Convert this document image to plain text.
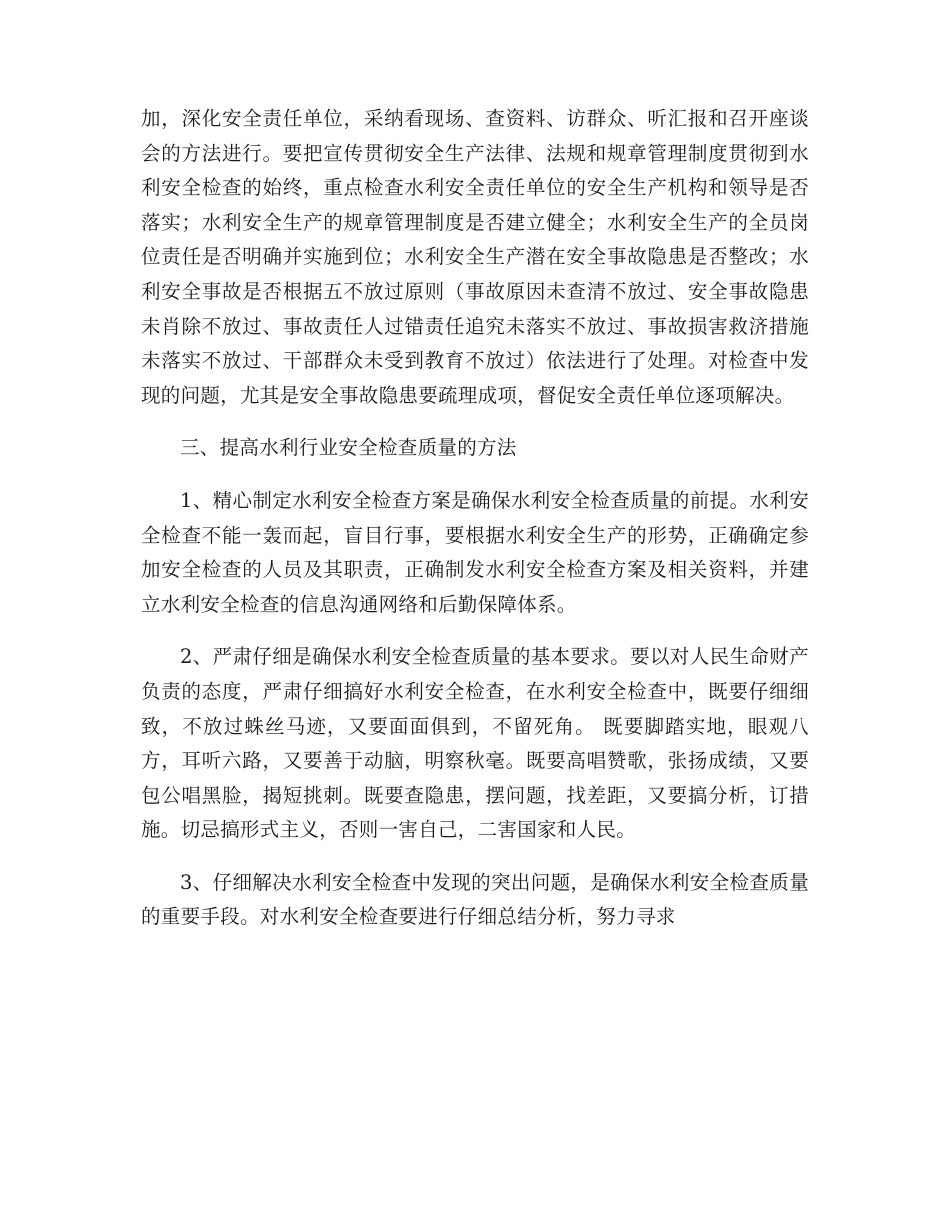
加，深化安全责任单位，采纳看现场、查资料、访群众、听汇报和召开座谈会的方法进行。要把宣传贯彻安全生产法律、法规和规章管理制度贯彻到水利安全检查的始终，重点检查水利安全责任单位的安全生产机构和领导是否落实；水利安全生产的规章管理制度是否建立健全；水利安全生产的全员岗位责任是否明确并实施到位；水利安全生产潜在安全事故隐患是否整改；水利安全事故是否根据五不放过原则（事故原因未查清不放过、安全事故隐患未肖除不放过、事故责任人过错责任追究未落实不放过、事故损害救济措施未落实不放过、干部群众未受到教育不放过）依法进行了处理。对检查中发现的问题，尤其是安全事故隐患要疏理成项，督促安全责任单位逐项解决。

三、提高水利行业安全检查质量的方法

1、精心制定水利安全检查方案是确保水利安全检查质量的前提。水利安全检查不能一轰而起，盲目行事，要根据水利安全生产的形势，正确确定参加安全检查的人员及其职责，正确制发水利安全检查方案及相关资料，并建立水利安全检查的信息沟通网络和后勤保障体系。

2、严肃仔细是确保水利安全检查质量的基本要求。要以对人民生命财产负责的态度，严肃仔细搞好水利安全检查，在水利安全检查中，既要仔细细致，不放过蛛丝马迹，又要面面俱到，不留死角。 既要脚踏实地，眼观八方，耳听六路，又要善于动脑，明察秋毫。既要高唱赞歌，张扬成绩，又要包公唱黑脸，揭短挑刺。既要查隐患，摆问题，找差距，又要搞分析，订措施。切忌搞形式主义，否则一害自己，二害国家和人民。

3、仔细解决水利安全检查中发现的突出问题，是确保水利安全检查质量的重要手段。对水利安全检查要进行仔细总结分析，努力寻求
